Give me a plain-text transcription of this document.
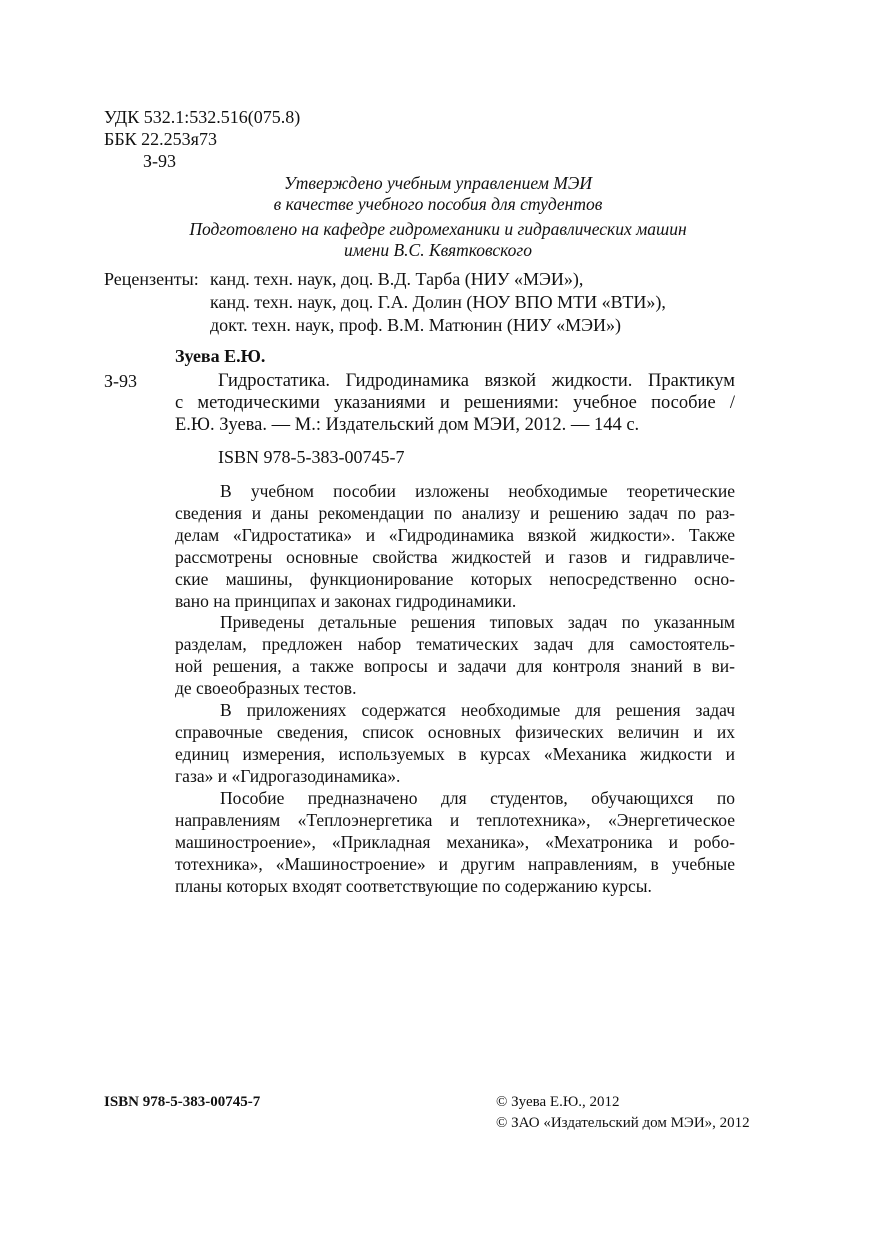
УДК 532.1:532.516(075.8)
ББК 22.253я73
З-93
Утверждено учебным управлением МЭИ
в качестве учебного пособия для студентов
Подготовлено на кафедре гидромеханики и гидравлических машин
имени В.С. Квятковского
Рецензенты: канд. техн. наук, доц. В.Д. Тарба (НИУ «МЭИ»),
канд. техн. наук, доц. Г.А. Долин (НОУ ВПО МТИ «ВТИ»),
докт. техн. наук, проф. В.М. Матюнин (НИУ «МЭИ»)
Зуева Е.Ю.
З-93	Гидростатика. Гидродинамика вязкой жидкости. Практикум
с методическими указаниями и решениями: учебное пособие /
Е.Ю. Зуева. — М.: Издательский дом МЭИ, 2012. — 144 с.
ISBN 978-5-383-00745-7
В учебном пособии изложены необходимые теоретические
сведения и даны рекомендации по анализу и решению задач по раз-
делам «Гидростатика» и «Гидродинамика вязкой жидкости». Также
рассмотрены основные свойства жидкостей и газов и гидравличе-
ские машины, функционирование которых непосредственно осно-
вано на принципах и законах гидродинамики.
Приведены детальные решения типовых задач по указанным
разделам, предложен набор тематических задач для самостоятель-
ной решения, а также вопросы и задачи для контроля знаний в ви-
де своеобразных тестов.
В приложениях содержатся необходимые для решения задач
справочные сведения, список основных физических величин и их
единиц измерения, используемых в курсах «Механика жидкости и
газа» и «Гидрогазодинамика».
Пособие предназначено для студентов, обучающихся по
направлениям «Теплоэнергетика и теплотехника», «Энергетическое
машиностроение», «Прикладная механика», «Мехатроника и робо-
тотехника», «Машиностроение» и другим направлениям, в учебные
планы которых входят соответствующие по содержанию курсы.
ISBN 978-5-383-00745-7	© Зуева Е.Ю., 2012
© ЗАО «Издательский дом МЭИ», 2012
